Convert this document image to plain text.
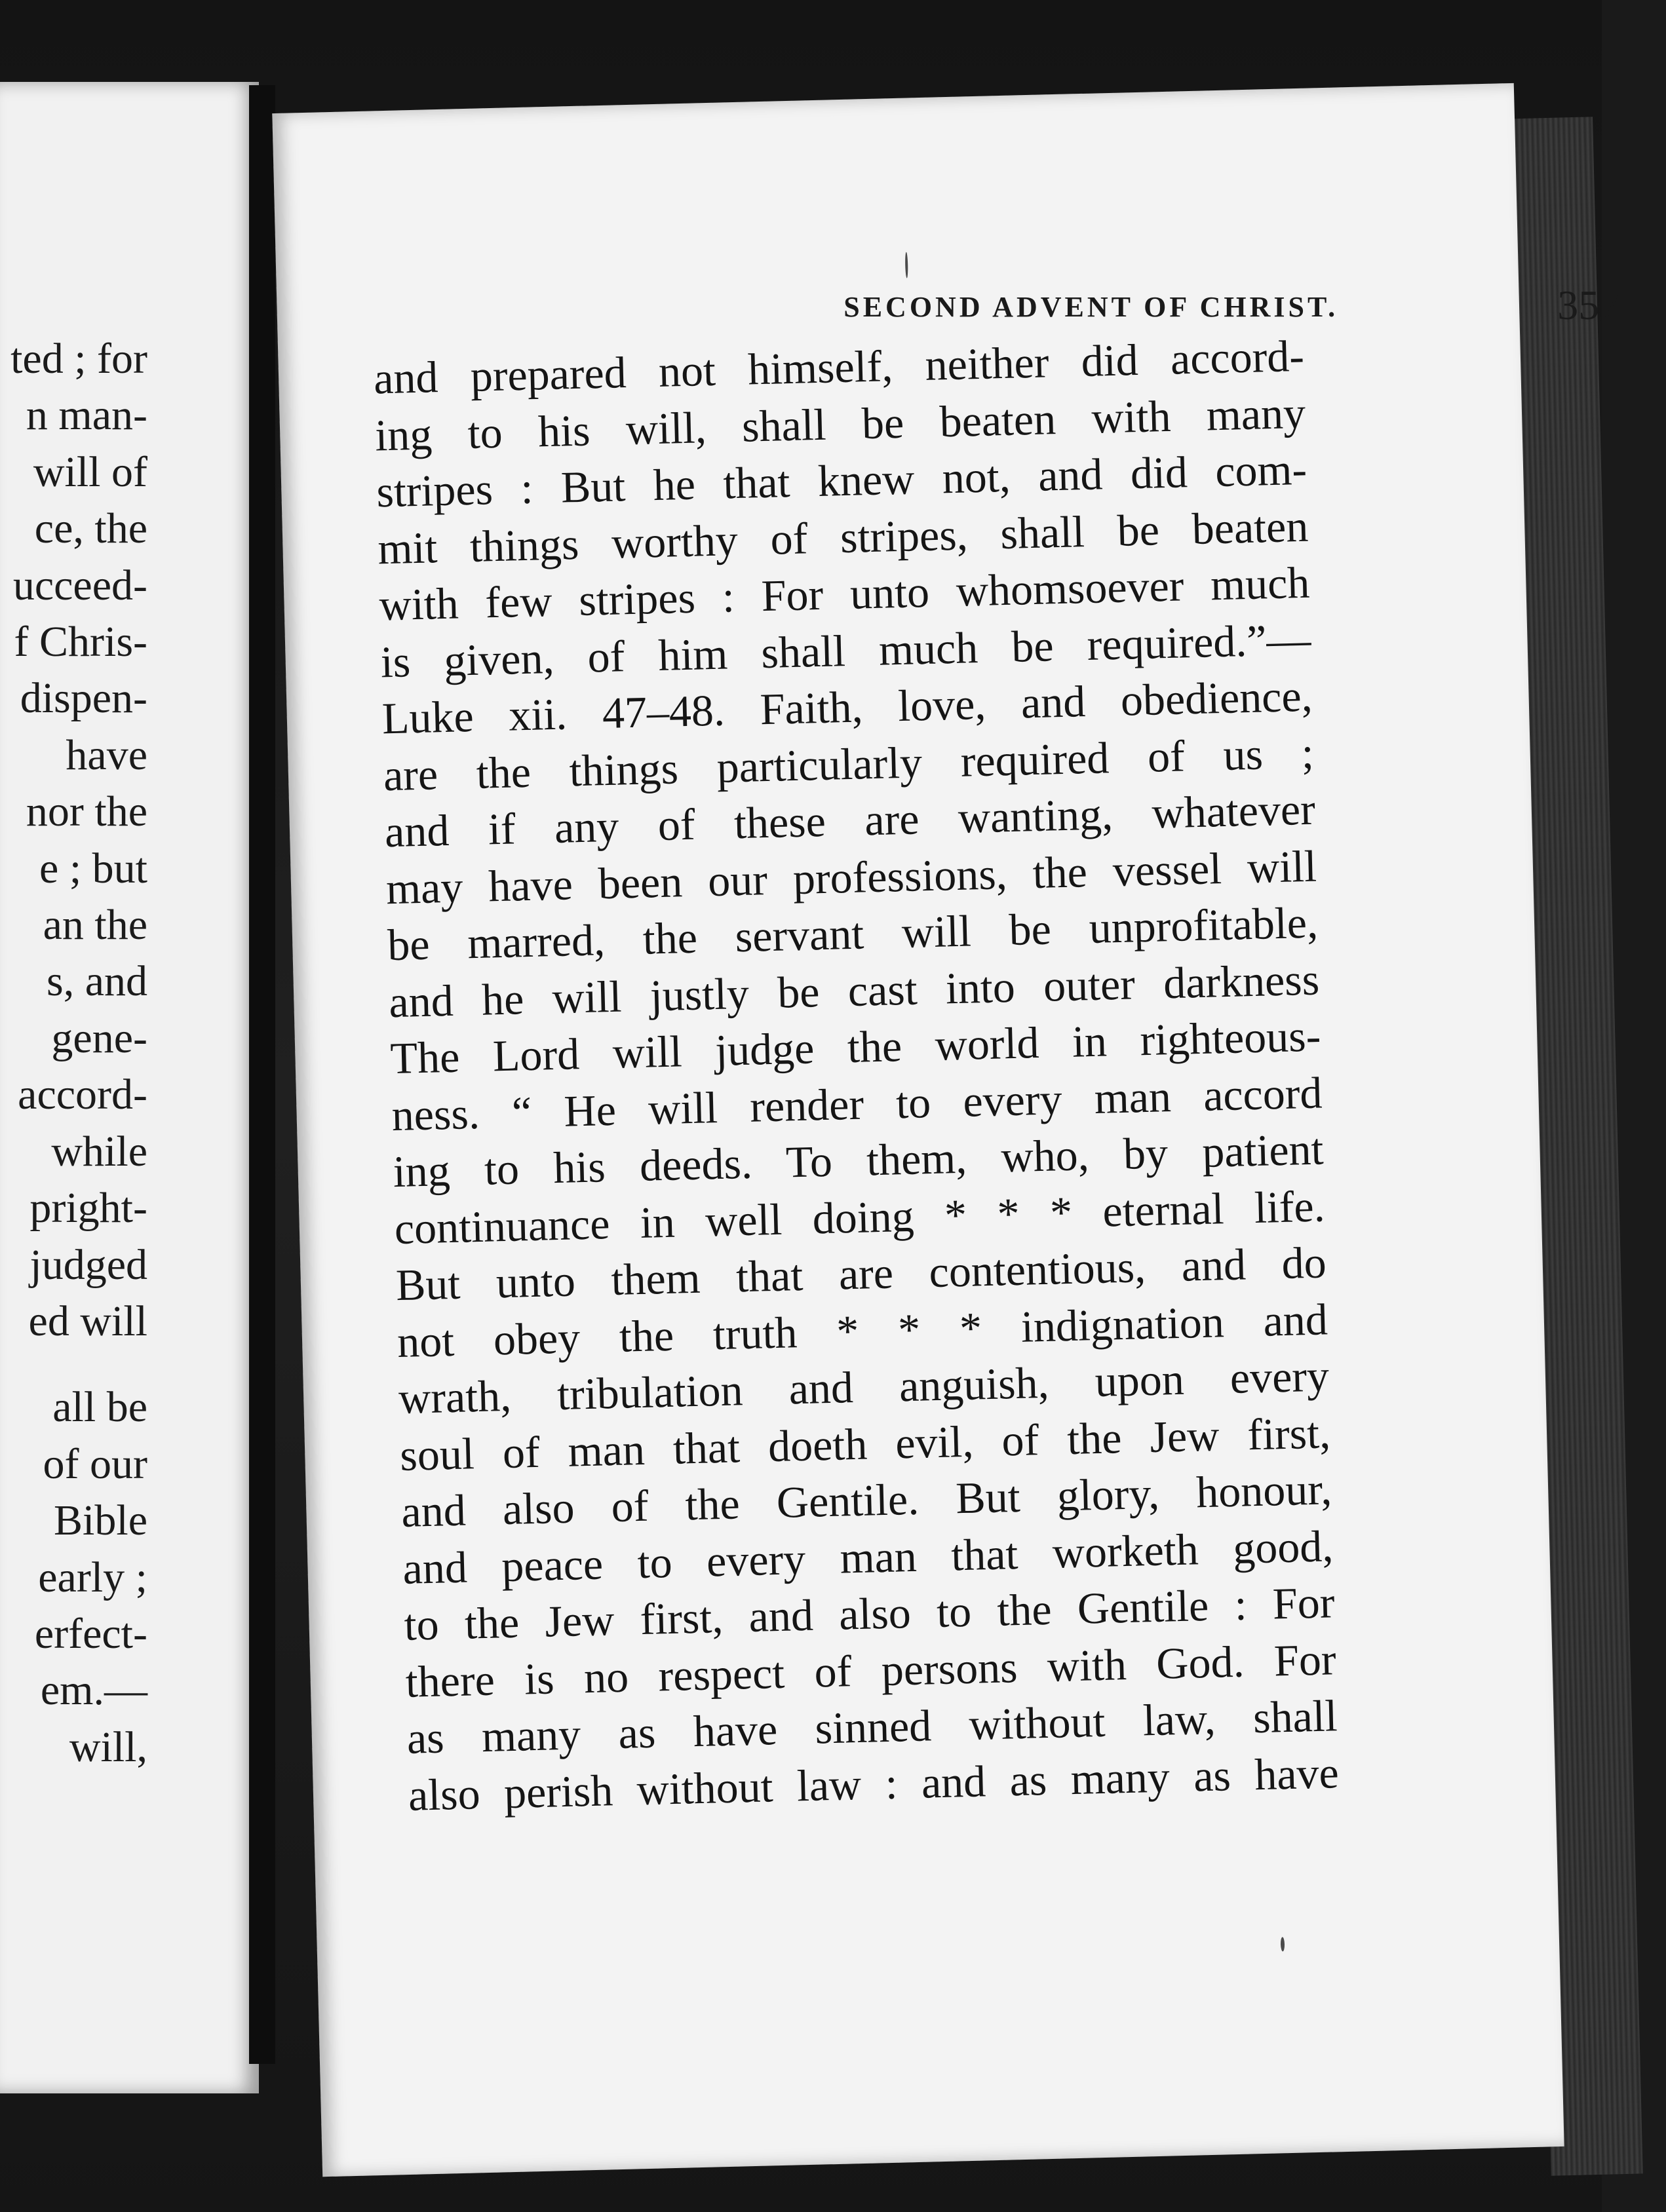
ted ; for
n man-
will of
ce, the
ucceed-
f Chris-
dispen-
have
nor the
e ; but
an the
s, and
gene-
accord-
while
pright-
judged
ed will
all be
of our
Bible
early ;
erfect-
em.—
will,
SECOND ADVENT OF CHRIST.	357
and prepared not himself, neither did accord-
ing to his will, shall be beaten with many
stripes : But he that knew not, and did com-
mit things worthy of stripes, shall be beaten
with few stripes : For unto whomsoever much
is given, of him shall much be required.”—
Luke xii. 47–48. Faith, love, and obedience,
are the things particularly required of us ;
and if any of these are wanting, whatever
may have been our professions, the vessel will
be marred, the servant will be unprofitable,
and he will justly be cast into outer darkness
The Lord will judge the world in righteous-
ness. “ He will render to every man accord
ing to his deeds. To them, who, by patient
continuance in well doing * * * eternal life.
But unto them that are contentious, and do
not obey the truth * * * indignation and
wrath, tribulation and anguish, upon every
soul of man that doeth evil, of the Jew first,
and also of the Gentile. But glory, honour,
and peace to every man that worketh good,
to the Jew first, and also to the Gentile : For
there is no respect of persons with God. For
as many as have sinned without law, shall
also perish without law : and as many as have
